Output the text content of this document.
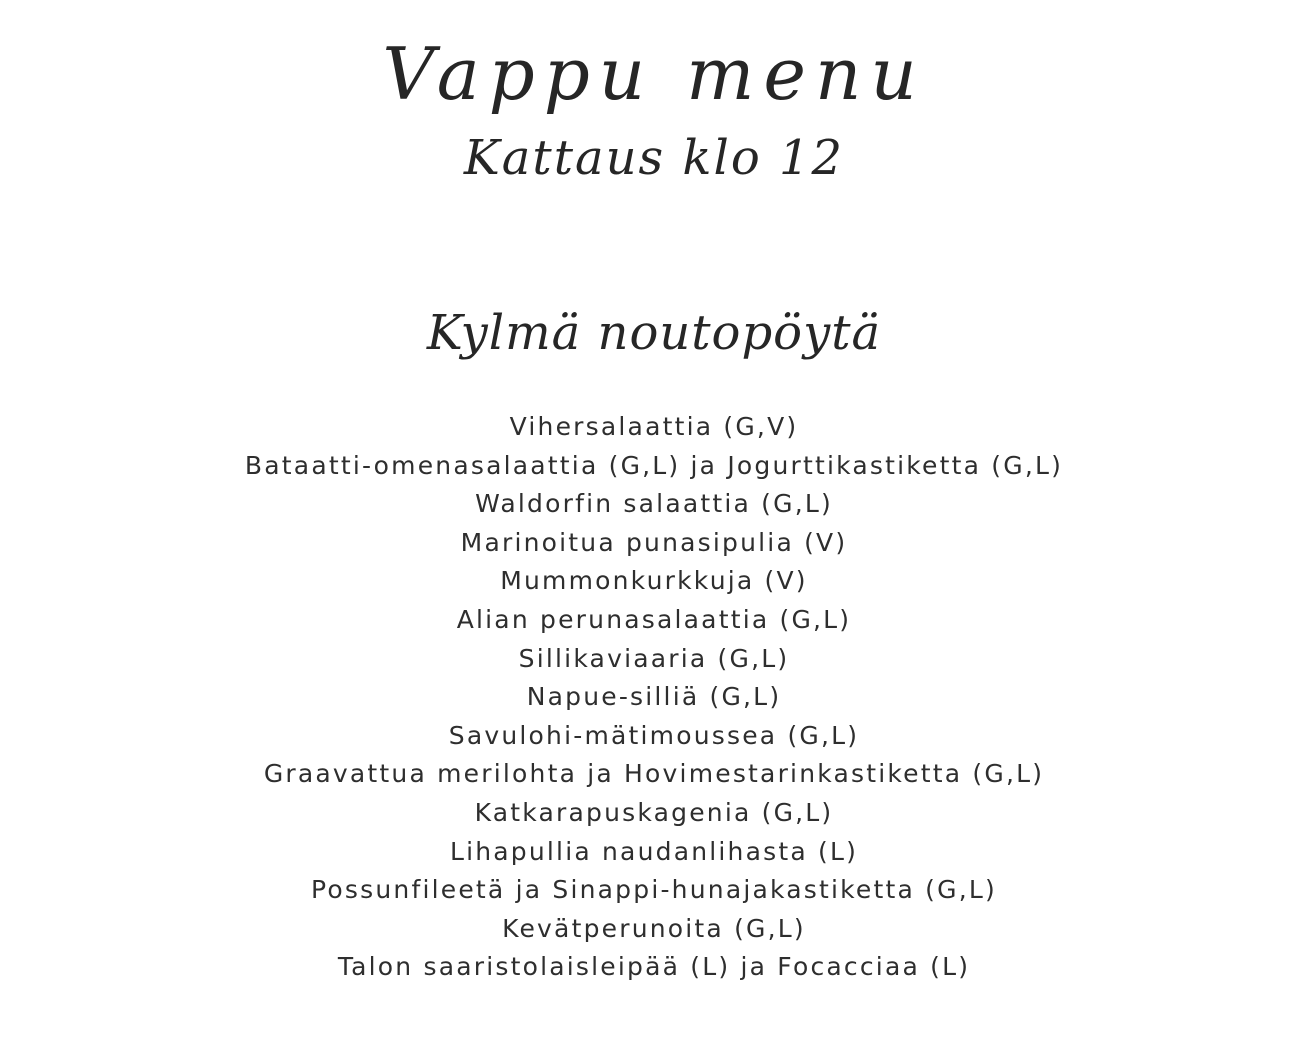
Vappu menu
Kattaus klo 12
Kylmä noutopöytä
Vihersalaattia (G,V)
Bataatti-omenasalaattia (G,L) ja Jogurttikastiketta (G,L)
Waldorfin salaattia (G,L)
Marinoitua punasipulia (V)
Mummonkurkkuja (V)
Alian perunasalaattia (G,L)
Sillikaviaaria (G,L)
Napue-silliä (G,L)
Savulohi-mätimoussea (G,L)
Graavattua merilohta ja Hovimestarinkastiketta (G,L)
Katkarapuskagenia (G,L)
Lihapullia naudanlihasta (L)
Possunfileetä ja Sinappi-hunajakastiketta (G,L)
Kevätperunoita (G,L)
Talon saaristolaisleipää (L) ja Focacciaa (L)
